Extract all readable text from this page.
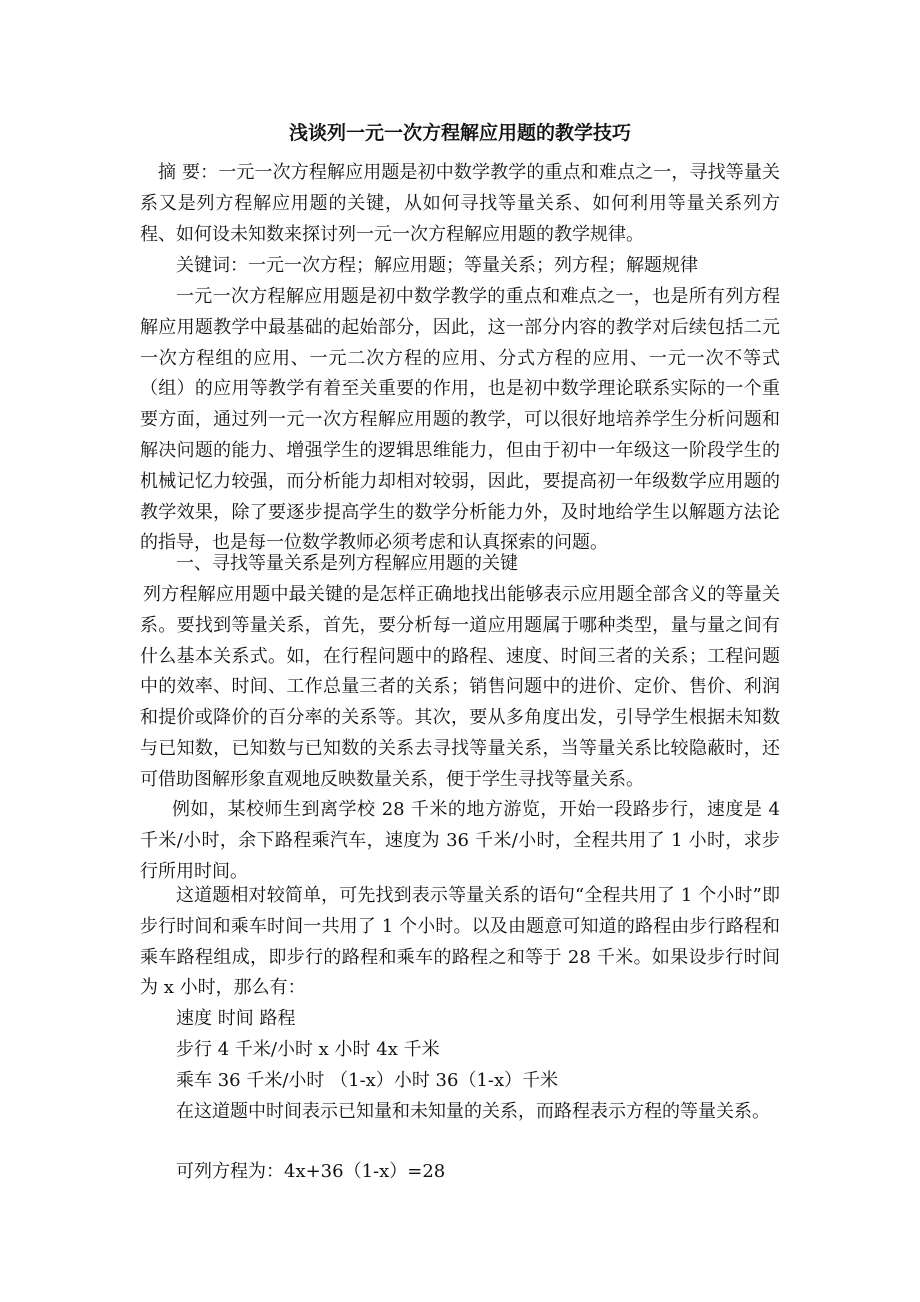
浅谈列一元一次方程解应用题的教学技巧

摘 要：一元一次方程解应用题是初中数学教学的重点和难点之一，寻找等量关系又是列方程解应用题的关键，从如何寻找等量关系、如何利用等量关系列方程、如何设未知数来探讨列一元一次方程解应用题的教学规律。

关键词：一元一次方程；解应用题；等量关系；列方程；解题规律

一元一次方程解应用题是初中数学教学的重点和难点之一，也是所有列方程解应用题教学中最基础的起始部分，因此，这一部分内容的教学对后续包括二元一次方程组的应用、一元二次方程的应用、分式方程的应用、一元一次不等式（组）的应用等教学有着至关重要的作用，也是初中数学理论联系实际的一个重要方面，通过列一元一次方程解应用题的教学，可以很好地培养学生分析问题和解决问题的能力、增强学生的逻辑思维能力，但由于初中一年级这一阶段学生的机械记忆力较强，而分析能力却相对较弱，因此，要提高初一年级数学应用题的教学效果，除了要逐步提高学生的数学分析能力外，及时地给学生以解题方法论的指导，也是每一位数学教师必须考虑和认真探索的问题。

一、寻找等量关系是列方程解应用题的关键

列方程解应用题中最关键的是怎样正确地找出能够表示应用题全部含义的等量关系。要找到等量关系，首先，要分析每一道应用题属于哪种类型，量与量之间有什么基本关系式。如，在行程问题中的路程、速度、时间三者的关系；工程问题中的效率、时间、工作总量三者的关系；销售问题中的进价、定价、售价、利润和提价或降价的百分率的关系等。其次，要从多角度出发，引导学生根据未知数与已知数，已知数与已知数的关系去寻找等量关系，当等量关系比较隐蔽时，还可借助图解形象直观地反映数量关系，便于学生寻找等量关系。

例如，某校师生到离学校 28 千米的地方游览，开始一段路步行，速度是 4 千米/小时，余下路程乘汽车，速度为 36 千米/小时，全程共用了 1 小时，求步行所用时间。

这道题相对较简单，可先找到表示等量关系的语句“全程共用了 1 个小时”即步行时间和乘车时间一共用了 1 个小时。以及由题意可知道的路程由步行路程和乘车路程组成，即步行的路程和乘车的路程之和等于 28 千米。如果设步行时间为 x 小时，那么有：

速度 时间 路程

步行 4 千米/小时 x 小时 4x 千米

乘车 36 千米/小时 （1-x）小时 36（1-x）千米

在这道题中时间表示已知量和未知量的关系，而路程表示方程的等量关系。

可列方程为：4x+36（1-x）=28
